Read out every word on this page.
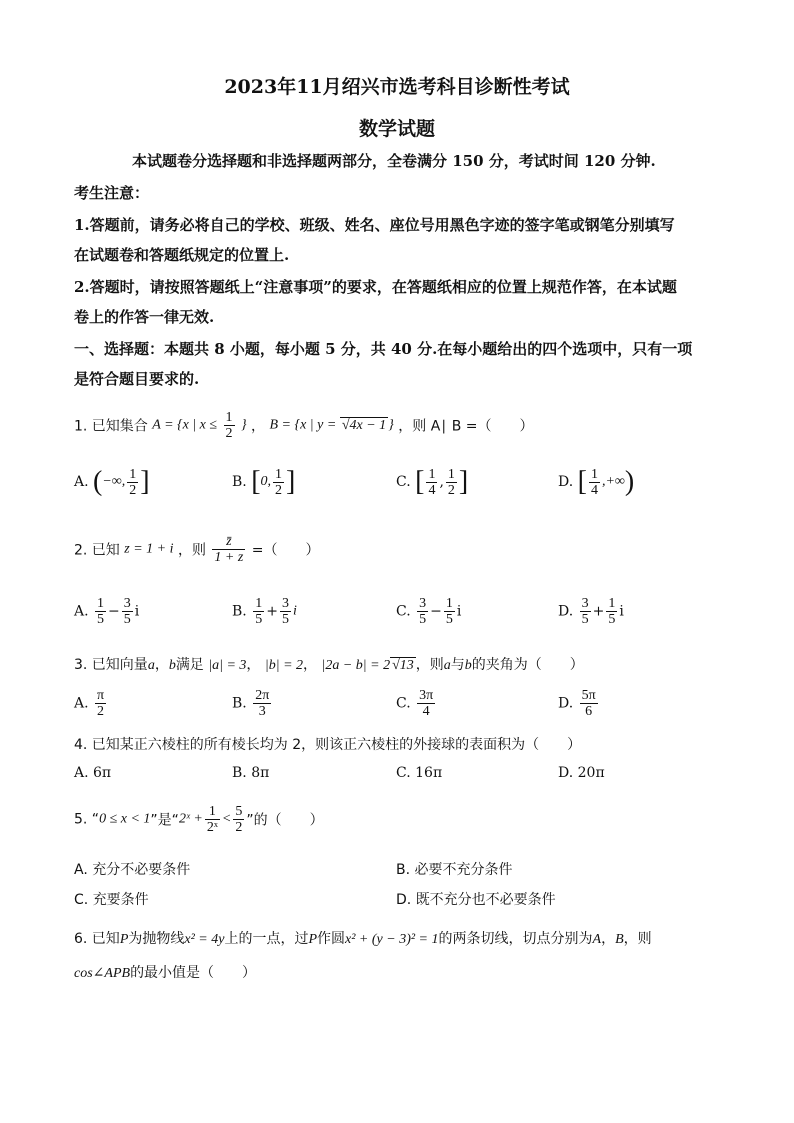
2023年11月绍兴市选考科目诊断性考试
数学试题
本试题卷分选择题和非选择题两部分，全卷满分 150 分，考试时间 120 分钟.
考生注意：
1.答题前，请务必将自己的学校、班级、姓名、座位号用黑色字迹的签字笔或钢笔分别填写
在试题卷和答题纸规定的位置上.
2.答题时，请按照答题纸上“注意事项”的要求，在答题纸相应的位置上规范作答，在本试题
卷上的作答一律无效.
一、选择题：本题共 8 小题，每小题 5 分，共 40 分.在每小题给出的四个选项中，只有一项
是符合题目要求的.
1. 已知集合 A = {x | $x \le \frac{1}{2}$ } ， B = {x | y = √4x − 1 } ，则 A∣ B =（　　）
A. (−∞, $\frac{1}{2}$ ]	B. [0, $\frac{1}{2}$ ]	C. [ $\frac{1}{4}$ , $\frac{1}{2}$ ]	D. [ $\frac{1}{4}$ ,+∞)
2. 已知 z = 1 + i ，则 $\frac{z̄}{1 + z}$ =（　　）
A. $\frac{1}{5} - \frac{3}{5}$ i	B. $\frac{1}{5} + \frac{3}{5}$ i	C. $\frac{3}{5} - \frac{1}{5}$ i	D. $\frac{3}{5} + \frac{1}{5}$ i
3. 已知向量a，b满足 |a| = 3， |b| = 2， |2a − b| = 2 √13 ，则a与b的夹角为（　　）
A. $\frac{\pi}{2}$	B. $\frac{2\pi}{3}$	C. $\frac{3\pi}{4}$	D. $\frac{5\pi}{6}$
4. 已知某正六棱柱的所有棱长均为 2，则该正六棱柱的外接球的表面积为（　　）
A. 6π	B. 8π	C. 16π	D. 20π
5. “0 ≤ x < 1”是“2ˣ + $\frac{1}{\text{2ˣ}} < \frac{5}{2}$ ”的（　　）
A. 充分不必要条件	B. 必要不充分条件
C. 充要条件	D. 既不充分也不必要条件
6. 已知P为抛物线x² = 4y上的一点，过P作圆x² + (y − 3)² = 1的两条切线，切点分别为A，B，则
cos∠APB的最小值是（　　）
